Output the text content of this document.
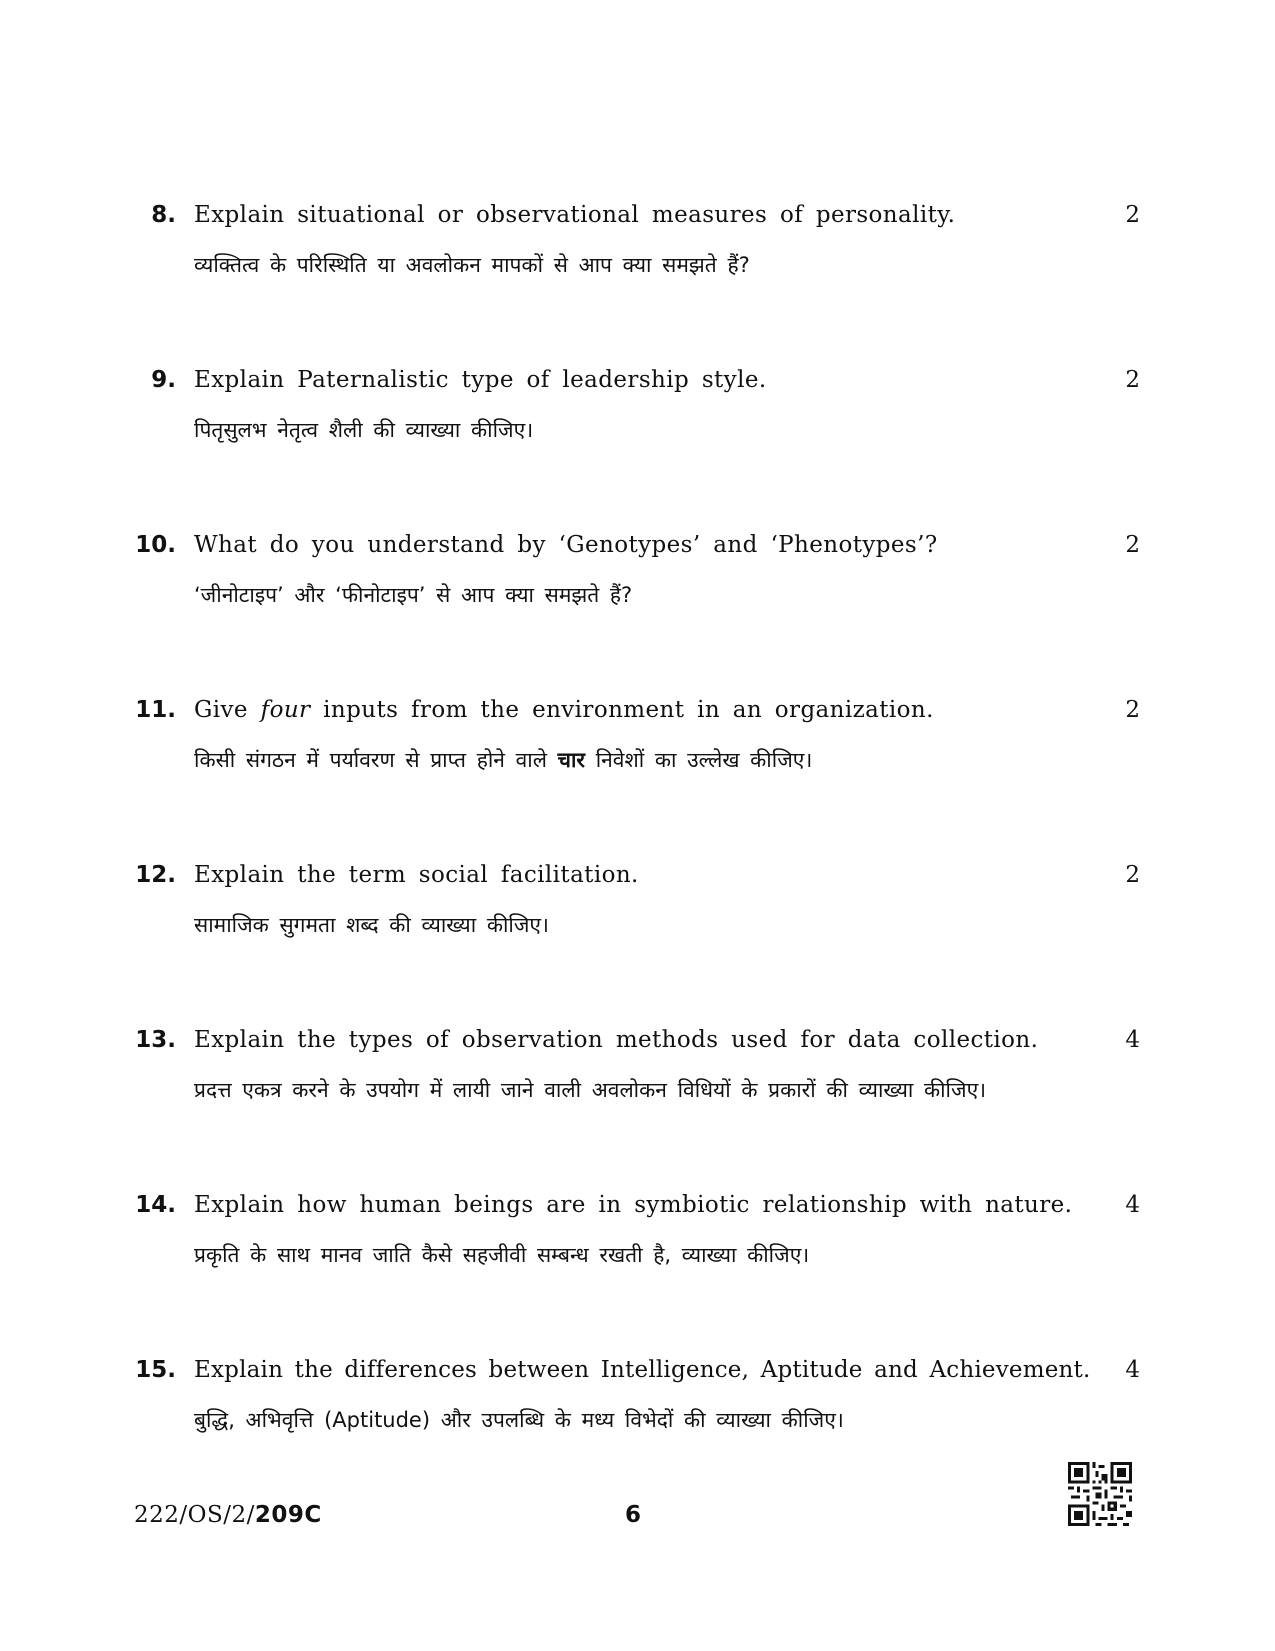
8. Explain situational or observational measures of personality.
व्यक्तित्व के परिस्थिति या अवलोकन मापकों से आप क्या समझते हैं?
2
9. Explain Paternalistic type of leadership style.
पितृसुलभ नेतृत्व शैली की व्याख्या कीजिए।
2
10. What do you understand by ‘Genotypes’ and ‘Phenotypes’?
‘जीनोटाइप’ और ‘फीनोटाइप’ से आप क्या समझते हैं?
2
11. Give four inputs from the environment in an organization.
किसी संगठन में पर्यावरण से प्राप्त होने वाले चार निवेशों का उल्लेख कीजिए।
2
12. Explain the term social facilitation.
सामाजिक सुगमता शब्द की व्याख्या कीजिए।
2
13. Explain the types of observation methods used for data collection.
प्रदत्त एकत्र करने के उपयोग में लायी जाने वाली अवलोकन विधियों के प्रकारों की व्याख्या कीजिए।
4
14. Explain how human beings are in symbiotic relationship with nature.
प्रकृति के साथ मानव जाति कैसे सहजीवी सम्बन्ध रखती है, व्याख्या कीजिए।
4
15. Explain the differences between Intelligence, Aptitude and Achievement.
बुद्धि, अभिवृत्ति (Aptitude) और उपलब्धि के मध्य विभेदों की व्याख्या कीजिए।
4
222/OS/2/209C	6
